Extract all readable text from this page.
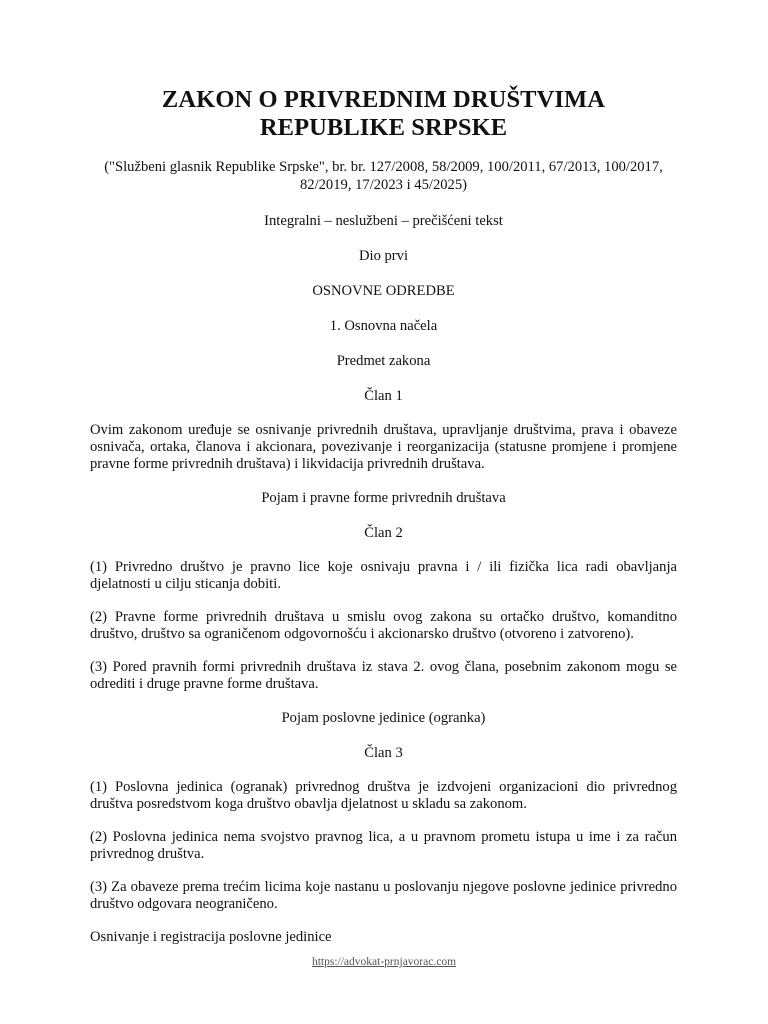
ZAKON O PRIVREDNIM DRUŠTVIMA
REPUBLIKE SRPSKE

("Službeni glasnik Republike Srpske", br. br. 127/2008, 58/2009, 100/2011, 67/2013, 100/2017, 82/2019, 17/2023 i 45/2025)

Integralni – neslužbeni – prečišćeni tekst

Dio prvi

OSNOVNE ODREDBE

1. Osnovna načela

Predmet zakona

Član 1

Ovim zakonom uređuje se osnivanje privrednih društava, upravljanje društvima, prava i obaveze osnivača, ortaka, članova i akcionara, povezivanje i reorganizacija (statusne promjene i promjene pravne forme privrednih društava) i likvidacija privrednih društava.

Pojam i pravne forme privrednih društava

Član 2

(1) Privredno društvo je pravno lice koje osnivaju pravna i / ili fizička lica radi obavljanja djelatnosti u cilju sticanja dobiti.

(2) Pravne forme privrednih društava u smislu ovog zakona su ortačko društvo, komanditno društvo, društvo sa ograničenom odgovornošću i akcionarsko društvo (otvoreno i zatvoreno).

(3) Pored pravnih formi privrednih društava iz stava 2. ovog člana, posebnim zakonom mogu se odrediti i druge pravne forme društava.

Pojam poslovne jedinice (ogranka)

Član 3

(1) Poslovna jedinica (ogranak) privrednog društva je izdvojeni organizacioni dio privrednog društva posredstvom koga društvo obavlja djelatnost u skladu sa zakonom.

(2) Poslovna jedinica nema svojstvo pravnog lica, a u pravnom prometu istupa u ime i za račun privrednog društva.

(3) Za obaveze prema trećim licima koje nastanu u poslovanju njegove poslovne jedinice privredno društvo odgovara neograničeno.

Osnivanje i registracija poslovne jedinice

https://advokat-prnjavorac.com
